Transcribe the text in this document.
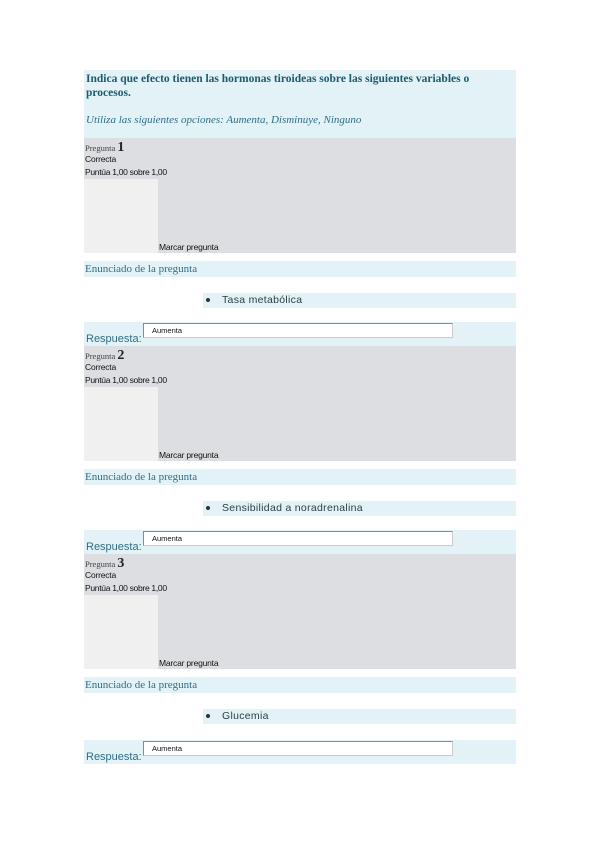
Indica que efecto tienen las hormonas tiroideas sobre las siguientes variables o procesos.

Utiliza las siguientes opciones: Aumenta, Disminuye, Ninguno
Pregunta 1
Correcta
Puntúa 1,00 sobre 1,00
Marcar pregunta
Enunciado de la pregunta
Tasa metabólica
Respuesta:
Aumenta
Pregunta 2
Correcta
Puntúa 1,00 sobre 1,00
Marcar pregunta
Enunciado de la pregunta
Sensibilidad a noradrenalina
Respuesta:
Aumenta
Pregunta 3
Correcta
Puntúa 1,00 sobre 1,00
Marcar pregunta
Enunciado de la pregunta
Glucemia
Respuesta:
Aumenta
